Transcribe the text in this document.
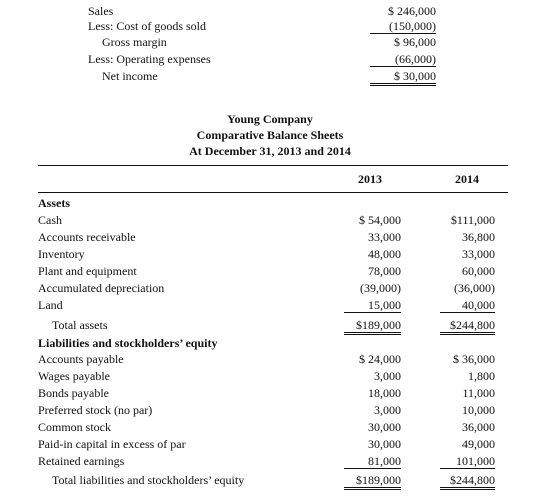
Sales	$ 246,000
Less: Cost of goods sold	(150,000)
Gross margin	$ 96,000
Less: Operating expenses	(66,000)
Net income	$ 30,000
Young Company
Comparative Balance Sheets
At December 31, 2013 and 2014
2013	2014
Assets
Cash	$ 54,000	$111,000
Accounts receivable	33,000	36,800
Inventory	48,000	33,000
Plant and equipment	78,000	60,000
Accumulated depreciation	(39,000)	(36,000)
Land	15,000	40,000
Total assets	$189,000	$244,800
Liabilities and stockholders’ equity
Accounts payable	$ 24,000	$ 36,000
Wages payable	3,000	1,800
Bonds payable	18,000	11,000
Preferred stock (no par)	3,000	10,000
Common stock	30,000	36,000
Paid-in capital in excess of par	30,000	49,000
Retained earnings	81,000	101,000
Total liabilities and stockholders’ equity	$189,000	$244,800
